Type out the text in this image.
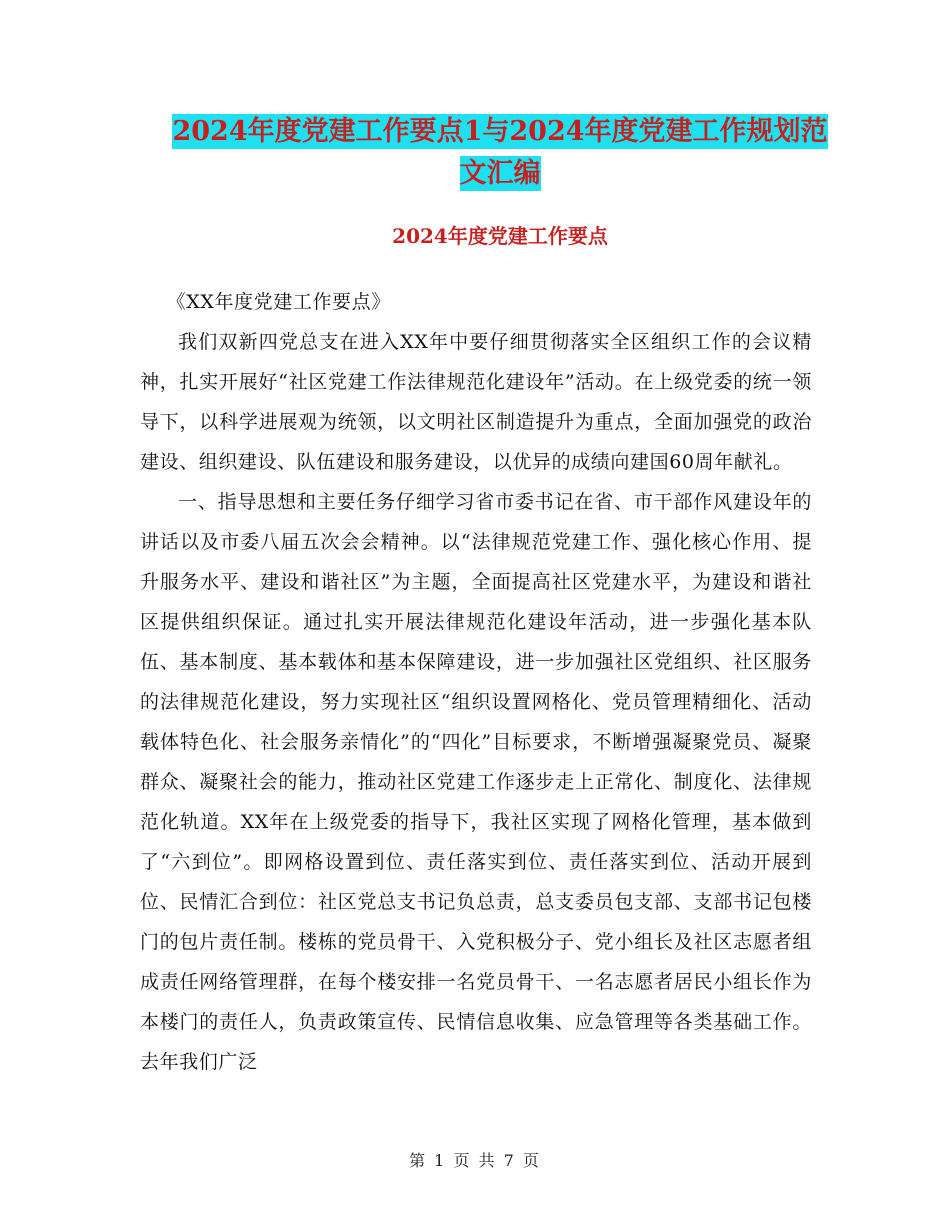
2024年度党建工作要点1与2024年度党建工作规划范
文汇编
2024年度党建工作要点

《XX年度党建工作要点》

我们双新四党总支在进入XX年中要仔细贯彻落实全区组织工作的会议精神，扎实开展好“社区党建工作法律规范化建设年”活动。在上级党委的统一领导下，以科学进展观为统领，以文明社区制造提升为重点，全面加强党的政治建设、组织建设、队伍建设和服务建设，以优异的成绩向建国60周年献礼。

一、指导思想和主要任务仔细学习省市委书记在省、市干部作风建设年的讲话以及市委八届五次会会精神。以“法律规范党建工作、强化核心作用、提升服务水平、建设和谐社区”为主题，全面提高社区党建水平，为建设和谐社区提供组织保证。通过扎实开展法律规范化建设年活动，进一步强化基本队伍、基本制度、基本载体和基本保障建设，进一步加强社区党组织、社区服务的法律规范化建设，努力实现社区“组织设置网格化、党员管理精细化、活动载体特色化、社会服务亲情化”的“四化”目标要求，不断增强凝聚党员、凝聚群众、凝聚社会的能力，推动社区党建工作逐步走上正常化、制度化、法律规范化轨道。XX年在上级党委的指导下，我社区实现了网格化管理，基本做到了“六到位”。即网格设置到位、责任落实到位、责任落实到位、活动开展到位、民情汇合到位：社区党总支书记负总责，总支委员包支部、支部书记包楼门的包片责任制。楼栋的党员骨干、入党积极分子、党小组长及社区志愿者组成责任网络管理群，在每个楼安排一名党员骨干、一名志愿者居民小组长作为本楼门的责任人，负责政策宣传、民情信息收集、应急管理等各类基础工作。去年我们广泛

第 1 页 共 7 页
